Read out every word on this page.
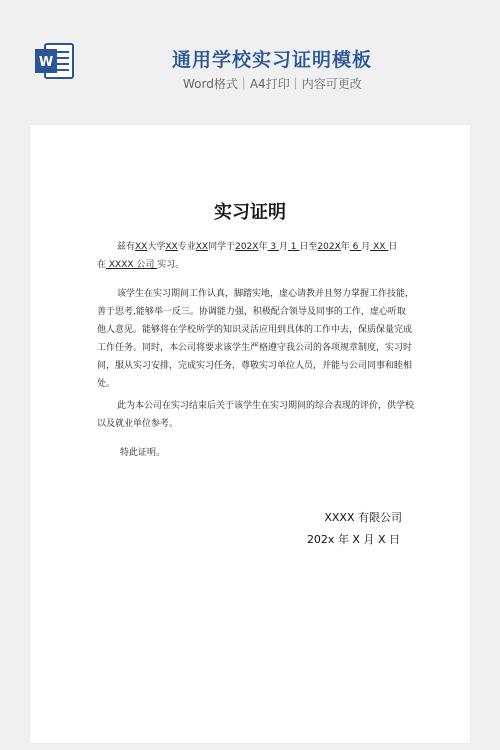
W	通用学校实习证明模板
Word格式｜A4打印｜内容可更改
实习证明
兹有XX大学XX专业XX同学于202X年 3 月 1 日至202X年 6 月 XX 日
在 XXXX 公司 实习。
该学生在实习期间工作认真，脚踏实地，虚心请教并且努力掌握工作技能，
善于思考,能够举一反三。协调能力强，积极配合领导及同事的工作，虚心听取
他人意见。能够将在学校所学的知识灵活应用到具体的工作中去，保质保量完成
工作任务。同时，本公司将要求该学生严格遵守我公司的各项规章制度，实习时
间，服从实习安排，完成实习任务，尊敬实习单位人员，并能与公司同事和睦相
处。
此为本公司在实习结束后关于该学生在实习期间的综合表现的评价，供学校
以及就业单位参考。
特此证明。
XXXX 有限公司
202x 年 X 月 X 日
